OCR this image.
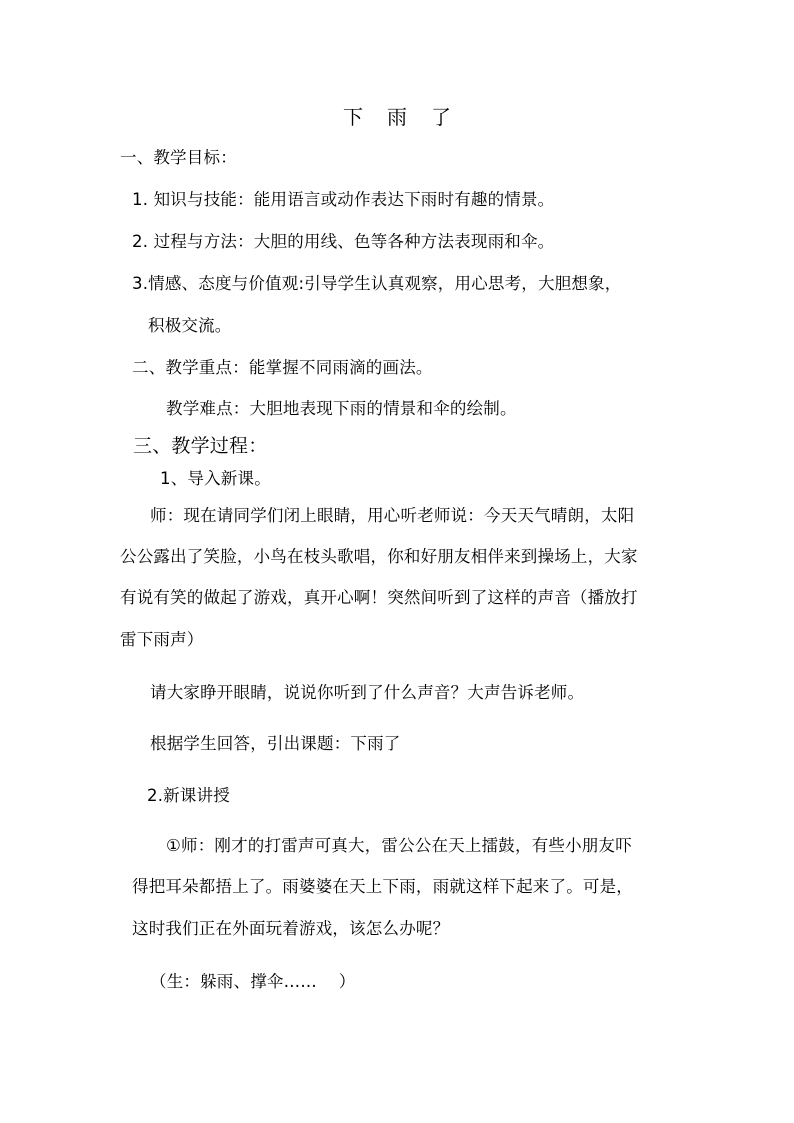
下 雨 了
一、教学目标：
1. 知识与技能：能用语言或动作表达下雨时有趣的情景。
2. 过程与方法：大胆的用线、色等各种方法表现雨和伞。
3.情感、态度与价值观:引导学生认真观察，用心思考，大胆想象，
积极交流。
二、教学重点：能掌握不同雨滴的画法。
教学难点：大胆地表现下雨的情景和伞的绘制。
三、教学过程：
1、导入新课。
师：现在请同学们闭上眼睛，用心听老师说：今天天气晴朗，太阳
公公露出了笑脸，小鸟在枝头歌唱，你和好朋友相伴来到操场上，大家
有说有笑的做起了游戏，真开心啊！突然间听到了这样的声音（播放打
雷下雨声）
请大家睁开眼睛，说说你听到了什么声音？大声告诉老师。
根据学生回答，引出课题：下雨了
2.新课讲授
①师：刚才的打雷声可真大，雷公公在天上擂鼓，有些小朋友吓
得把耳朵都捂上了。雨婆婆在天上下雨，雨就这样下起来了。可是，
这时我们正在外面玩着游戏，该怎么办呢？
（生：躲雨、撑伞……    ）
